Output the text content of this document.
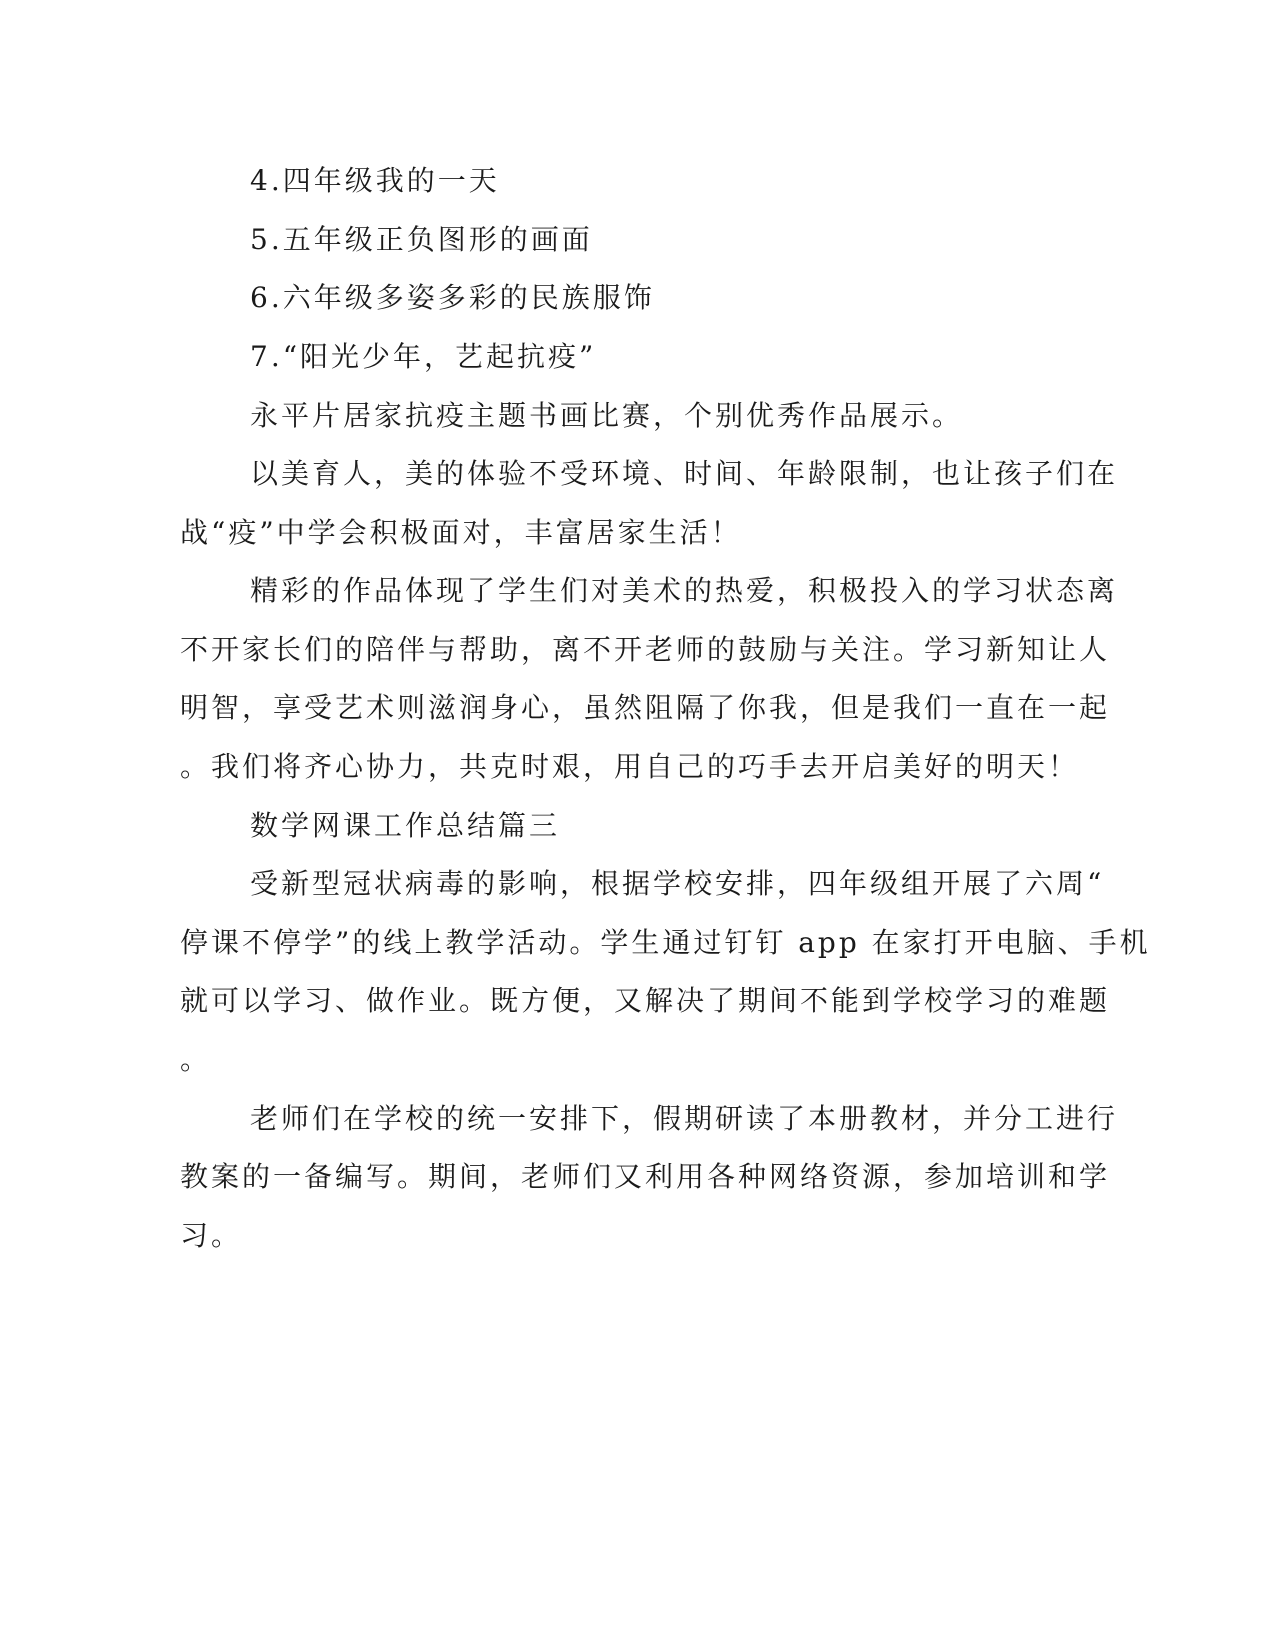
4.四年级我的一天

5.五年级正负图形的画面

6.六年级多姿多彩的民族服饰

7.“阳光少年，艺起抗疫”

永平片居家抗疫主题书画比赛，个别优秀作品展示。

以美育人，美的体验不受环境、时间、年龄限制，也让孩子们在

战“疫”中学会积极面对，丰富居家生活！

精彩的作品体现了学生们对美术的热爱，积极投入的学习状态离

不开家长们的陪伴与帮助，离不开老师的鼓励与关注。学习新知让人

明智，享受艺术则滋润身心，虽然阻隔了你我，但是我们一直在一起

。我们将齐心协力，共克时艰，用自己的巧手去开启美好的明天！

数学网课工作总结篇三

受新型冠状病毒的影响，根据学校安排，四年级组开展了六周“

停课不停学”的线上教学活动。学生通过钉钉 app 在家打开电脑、手机

就可以学习、做作业。既方便，又解决了期间不能到学校学习的难题

。

老师们在学校的统一安排下，假期研读了本册教材，并分工进行

教案的一备编写。期间，老师们又利用各种网络资源，参加培训和学

习。
